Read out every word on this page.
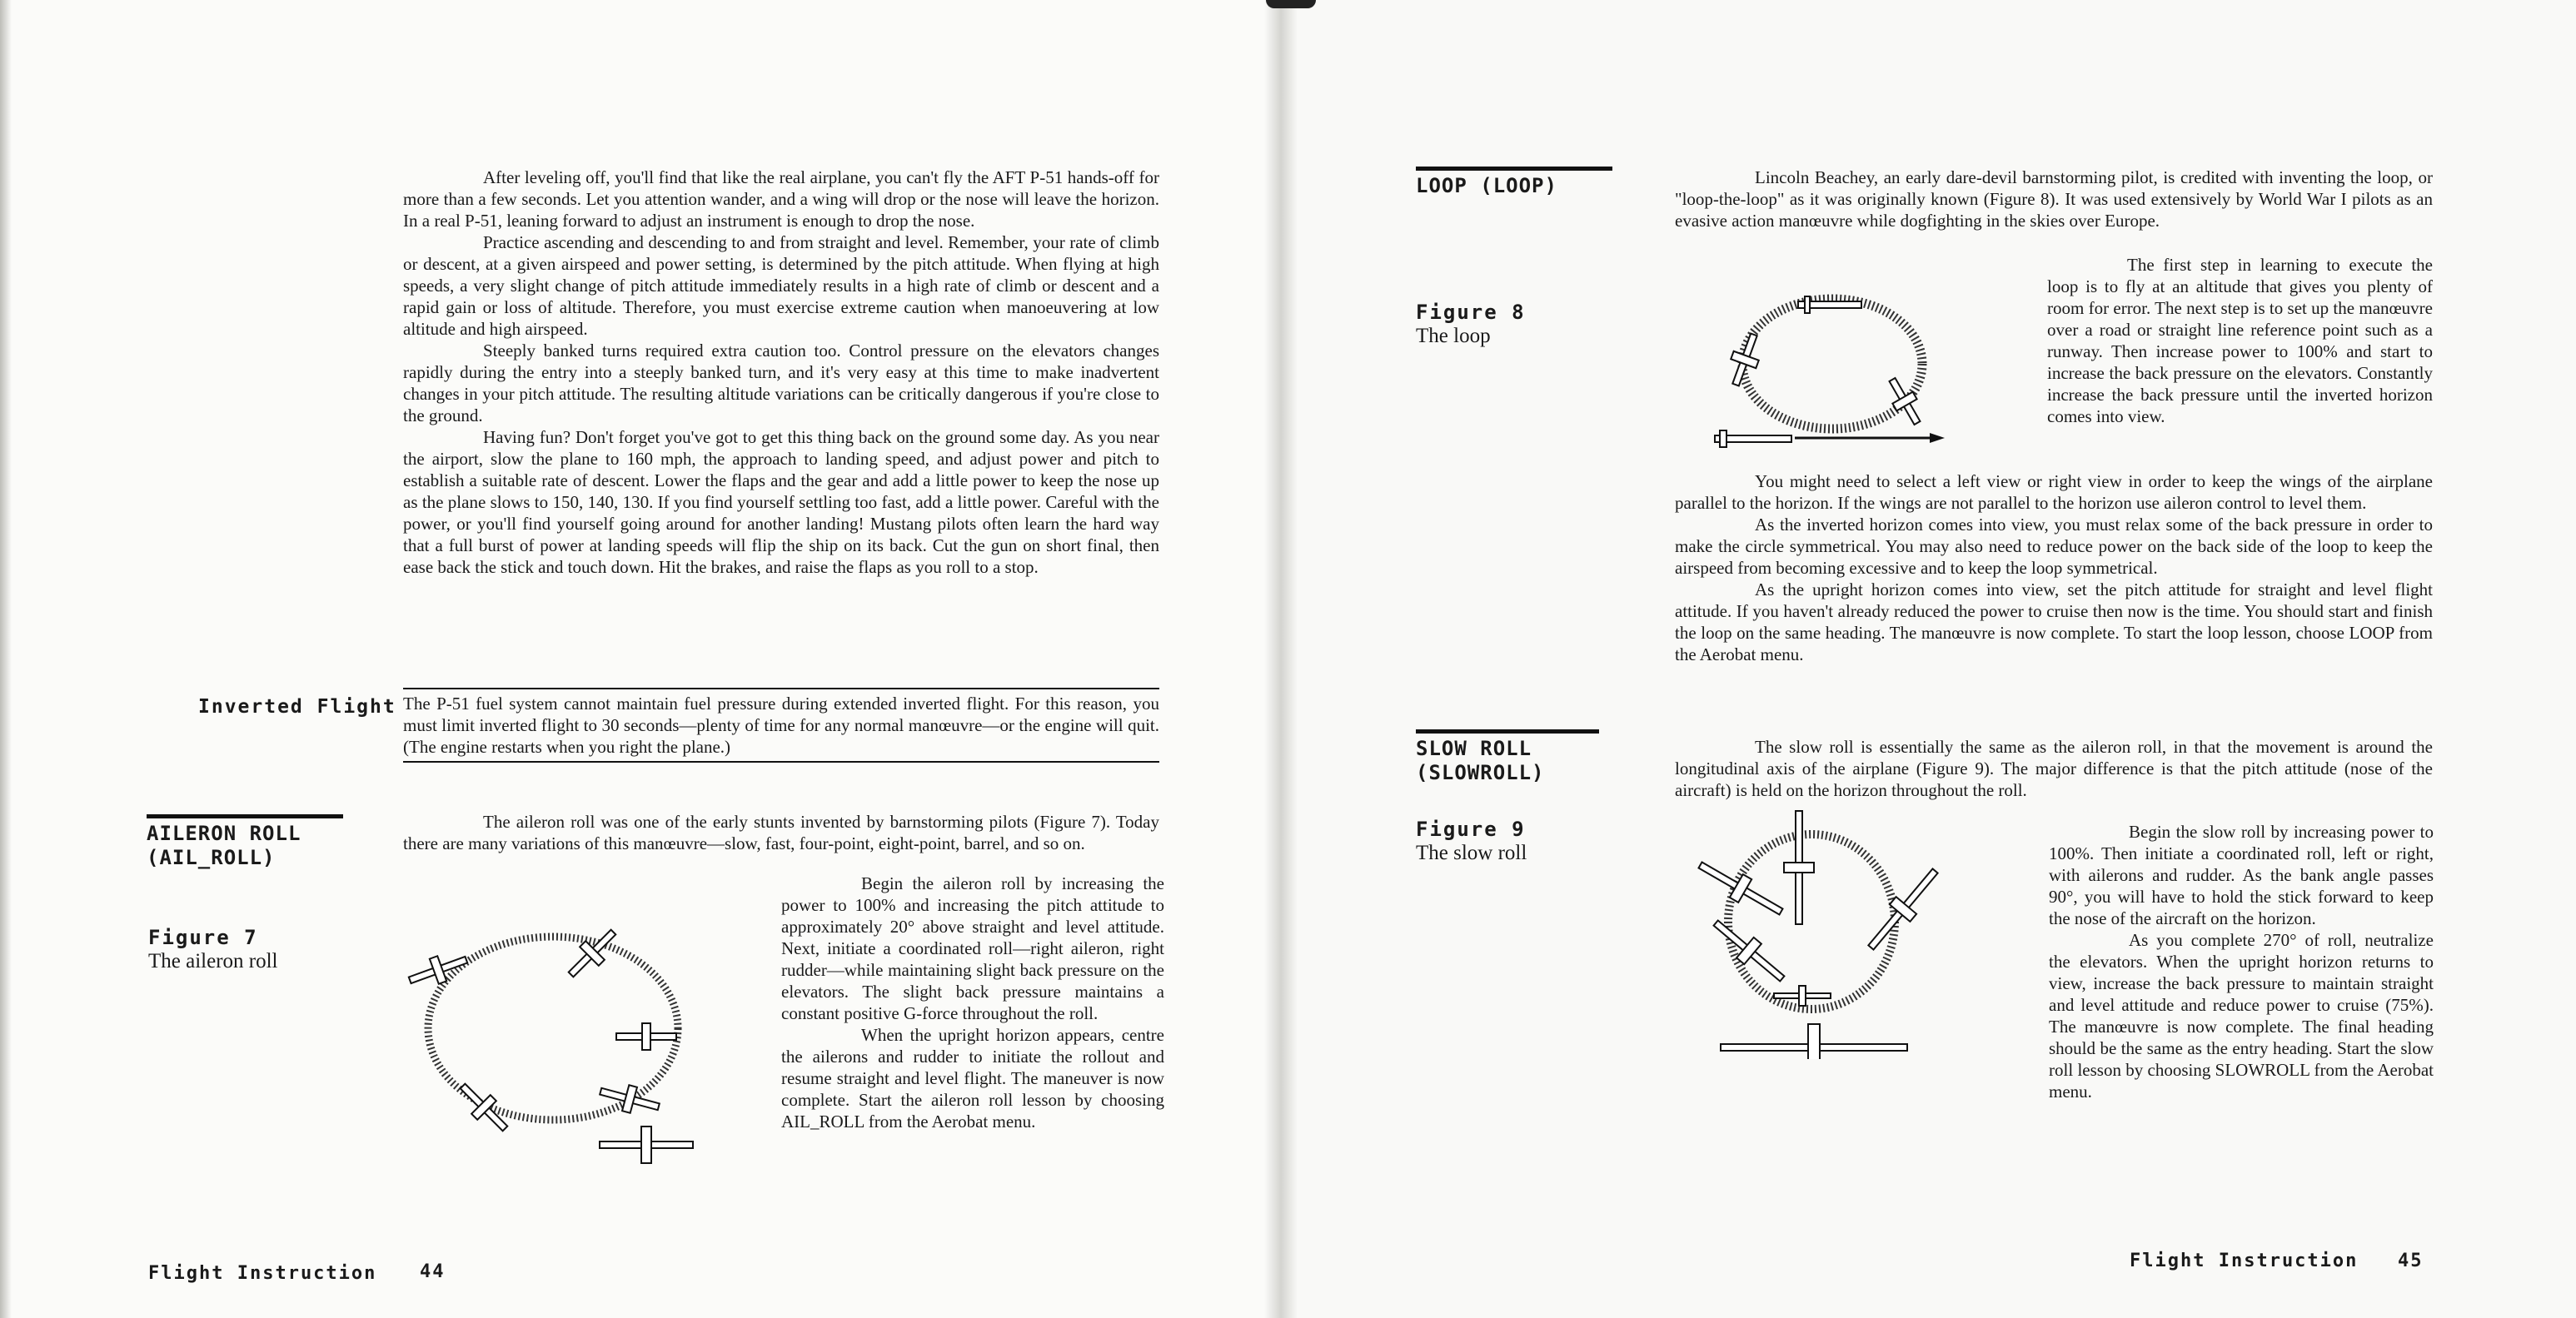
After leveling off, you'll find that like the real airplane, you can't fly the AFT P-51 hands-off for more than a few seconds. Let you attention wander, and a wing will drop or the nose will leave the horizon. In a real P-51, leaning forward to adjust an instrument is enough to drop the nose.

Practice ascending and descending to and from straight and level. Remember, your rate of climb or descent, at a given airspeed and power setting, is determined by the pitch attitude. When flying at high speeds, a very slight change of pitch attitude immediately results in a high rate of climb or descent and a rapid gain or loss of altitude. Therefore, you must exercise extreme caution when manoeuvering at low altitude and high airspeed.

Steeply banked turns required extra caution too. Control pressure on the elevators changes rapidly during the entry into a steeply banked turn, and it's very easy at this time to make inadvertent changes in your pitch attitude. The resulting altitude variations can be critically dangerous if you're close to the ground.

Having fun? Don't forget you've got to get this thing back on the ground some day. As you near the airport, slow the plane to 160 mph, the approach to landing speed, and adjust power and pitch to establish a suitable rate of descent. Lower the flaps and the gear and add a little power to keep the nose up as the plane slows to 150, 140, 130. If you find yourself settling too fast, add a little power. Careful with the power, or you'll find yourself going around for another landing! Mustang pilots often learn the hard way that a full burst of power at landing speeds will flip the ship on its back. Cut the gun on short final, then ease back the stick and touch down. Hit the brakes, and raise the flaps as you roll to a stop.

Inverted Flight The P-51 fuel system cannot maintain fuel pressure during extended inverted flight. For this reason, you must limit inverted flight to 30 seconds—plenty of time for any normal manœuvre—or the engine will quit. (The engine restarts when you right the plane.)
AILERON ROLL
(AIL_ROLL)
Figure 7
The aileron roll

The aileron roll was one of the early stunts invented by barnstorming pilots (Figure 7). Today there are many variations of this manœuvre—slow, fast, four-point, eight-point, barrel, and so on.

Begin the aileron roll by increasing the power to 100% and increasing the pitch attitude to approximately 20° above straight and level attitude. Next, initiate a coordinated roll—right aileron, right rudder—while maintaining slight back pressure on the elevators. The slight back pressure maintains a constant positive G-force throughout the roll.

When the upright horizon appears, centre the ailerons and rudder to initiate the rollout and resume straight and level flight. The maneuver is now complete. Start the aileron roll lesson by choosing AIL_ROLL from the Aerobat menu.

Flight Instruction 44
LOOP (LOOP)
Figure 8
The loop

Lincoln Beachey, an early dare-devil barnstorming pilot, is credited with inventing the loop, or "loop-the-loop" as it was originally known (Figure 8). It was used extensively by World War I pilots as an evasive action manœuvre while dogfighting in the skies over Europe.

The first step in learning to execute the loop is to fly at an altitude that gives you plenty of room for error. The next step is to set up the manœuvre over a road or straight line reference point such as a runway. Then increase power to 100% and start to increase the back pressure on the elevators. Constantly increase the back pressure until the inverted horizon comes into view.

You might need to select a left view or right view in order to keep the wings of the airplane parallel to the horizon. If the wings are not parallel to the horizon use aileron control to level them.

As the inverted horizon comes into view, you must relax some of the back pressure in order to make the circle symmetrical. You may also need to reduce power on the back side of the loop to keep the airspeed from becoming excessive and to keep the loop symmetrical.

As the upright horizon comes into view, set the pitch attitude for straight and level flight attitude. If you haven't already reduced the power to cruise then now is the time. You should start and finish the loop on the same heading. The manœuvre is now complete. To start the loop lesson, choose LOOP from the Aerobat menu.

SLOW ROLL
(SLOWROLL)
Figure 9
The slow roll

The slow roll is essentially the same as the aileron roll, in that the movement is around the longitudinal axis of the airplane (Figure 9). The major difference is that the pitch attitude (nose of the aircraft) is held on the horizon throughout the roll.

Begin the slow roll by increasing power to 100%. Then initiate a coordinated roll, left or right, with ailerons and rudder. As the bank angle passes 90°, you will have to hold the stick forward to keep the nose of the aircraft on the horizon.

As you complete 270° of roll, neutralize the elevators. When the upright horizon returns to view, increase the back pressure to maintain straight and level attitude and reduce power to cruise (75%). The manœuvre is now complete. The final heading should be the same as the entry heading. Start the slow roll lesson by choosing SLOWROLL from the Aerobat menu.

Flight Instruction 45
